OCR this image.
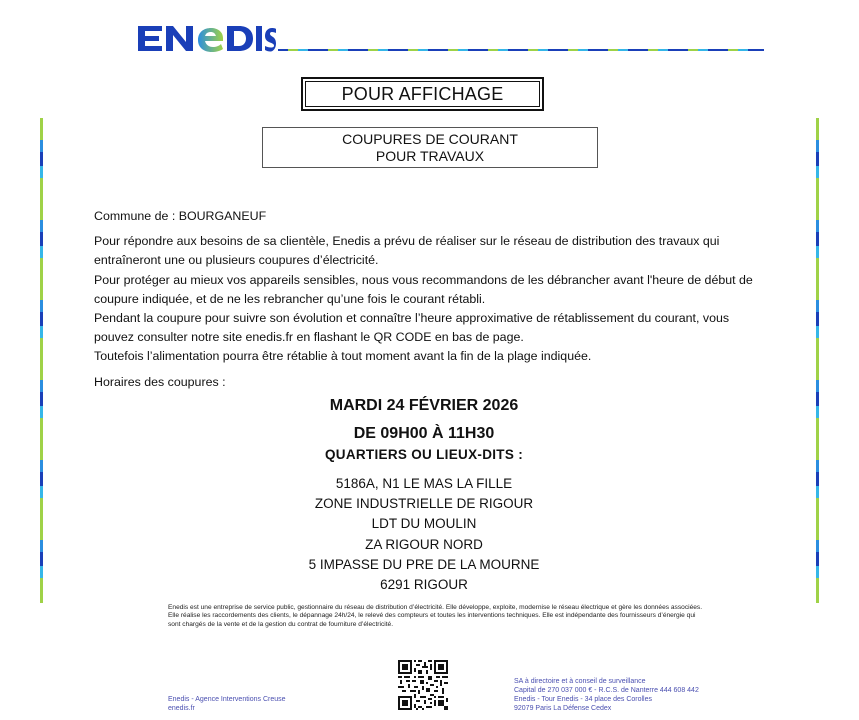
POUR AFFICHAGE
COUPURES DE COURANT
POUR TRAVAUX

Commune de : BOURGANEUF

Pour répondre aux besoins de sa clientèle, Enedis a prévu de réaliser sur le réseau de distribution des travaux qui entraîneront une ou plusieurs coupures d’électricité.

Pour protéger au mieux vos appareils sensibles, nous vous recommandons de les débrancher avant l'heure de début de coupure indiquée, et de ne les rebrancher qu’une fois le courant rétabli.

Pendant la coupure pour suivre son évolution et connaître l’heure approximative de rétablissement du courant, vous pouvez consulter notre site enedis.fr en flashant le QR CODE en bas de page.

Toutefois l’alimentation pourra être rétablie à tout moment avant la fin de la plage indiquée.

Horaires des coupures :

MARDI 24 FÉVRIER 2026
DE 09H00 À 11H30
QUARTIERS OU LIEUX-DITS :
5186A, N1 LE MAS LA FILLE
ZONE INDUSTRIELLE DE RIGOUR
LDT DU MOULIN
ZA RIGOUR NORD
5 IMPASSE DU PRE DE LA MOURNE
6291 RIGOUR
Enedis est une entreprise de service public, gestionnaire du réseau de distribution d’électricité. Elle développe, exploite, modernise le réseau électrique et gère les données associées. Elle réalise les raccordements des clients, le dépannage 24h/24, le relevé des compteurs et toutes les interventions techniques. Elle est indépendante des fournisseurs d’énergie qui sont chargés de la vente et de la gestion du contrat de fourniture d’électricité.
Enedis - Agence Interventions Creuse
enedis.fr
SA à directoire et à conseil de surveillance
Capital de 270 037 000 € - R.C.S. de Nanterre 444 608 442
Enedis - Tour Enedis - 34 place des Corolles
92079 Paris La Défense Cedex
